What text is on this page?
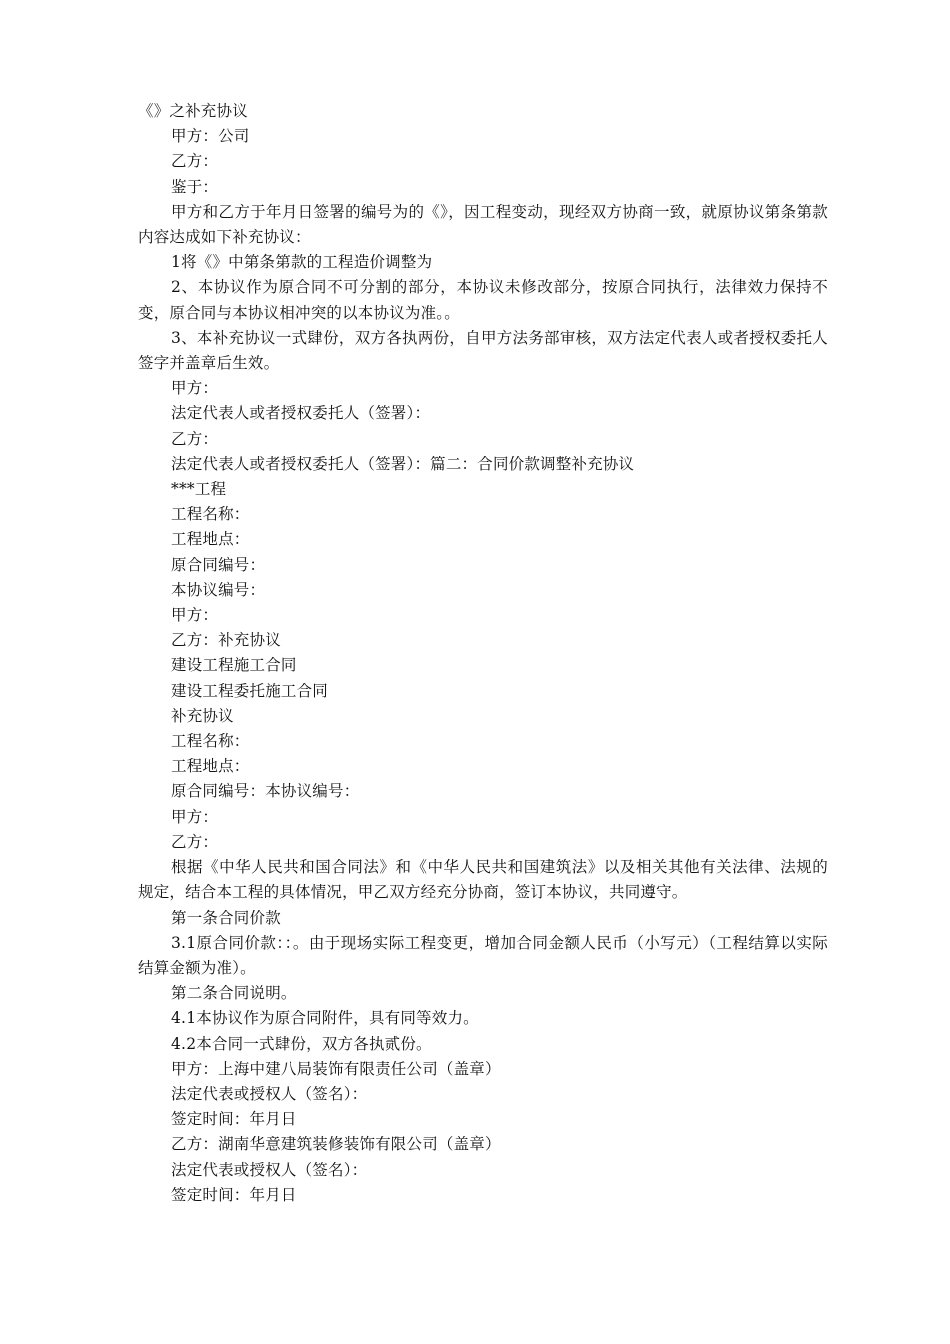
《》之补充协议

甲方：公司

乙方：

鉴于：

甲方和乙方于年月日签署的编号为的《》，因工程变动，现经双方协商一致，就原协议第条第款内容达成如下补充协议：

1将《》中第条第款的工程造价调整为

2、本协议作为原合同不可分割的部分，本协议未修改部分，按原合同执行，法律效力保持不变，原合同与本协议相冲突的以本协议为准。。

3、本补充协议一式肆份，双方各执两份，自甲方法务部审核，双方法定代表人或者授权委托人签字并盖章后生效。

甲方：

法定代表人或者授权委托人（签署）：

乙方：

法定代表人或者授权委托人（签署）：篇二：合同价款调整补充协议

***工程

工程名称：

工程地点：

原合同编号：

本协议编号：

甲方：

乙方：补充协议

建设工程施工合同

建设工程委托施工合同

补充协议

工程名称：

工程地点：

原合同编号：本协议编号：

甲方：

乙方：

根据《中华人民共和国合同法》和《中华人民共和国建筑法》以及相关其他有关法律、法规的规定，结合本工程的具体情况，甲乙双方经充分协商，签订本协议，共同遵守。

第一条合同价款

3.1原合同价款：：。由于现场实际工程变更，增加合同金额人民币（小写元）（工程结算以实际结算金额为准）。

第二条合同说明。

4.1本协议作为原合同附件，具有同等效力。

4.2本合同一式肆份，双方各执贰份。

甲方：上海中建八局装饰有限责任公司（盖章）

法定代表或授权人（签名）：

签定时间：年月日

乙方：湖南华意建筑装修装饰有限公司（盖章）

法定代表或授权人（签名）：

签定时间：年月日
